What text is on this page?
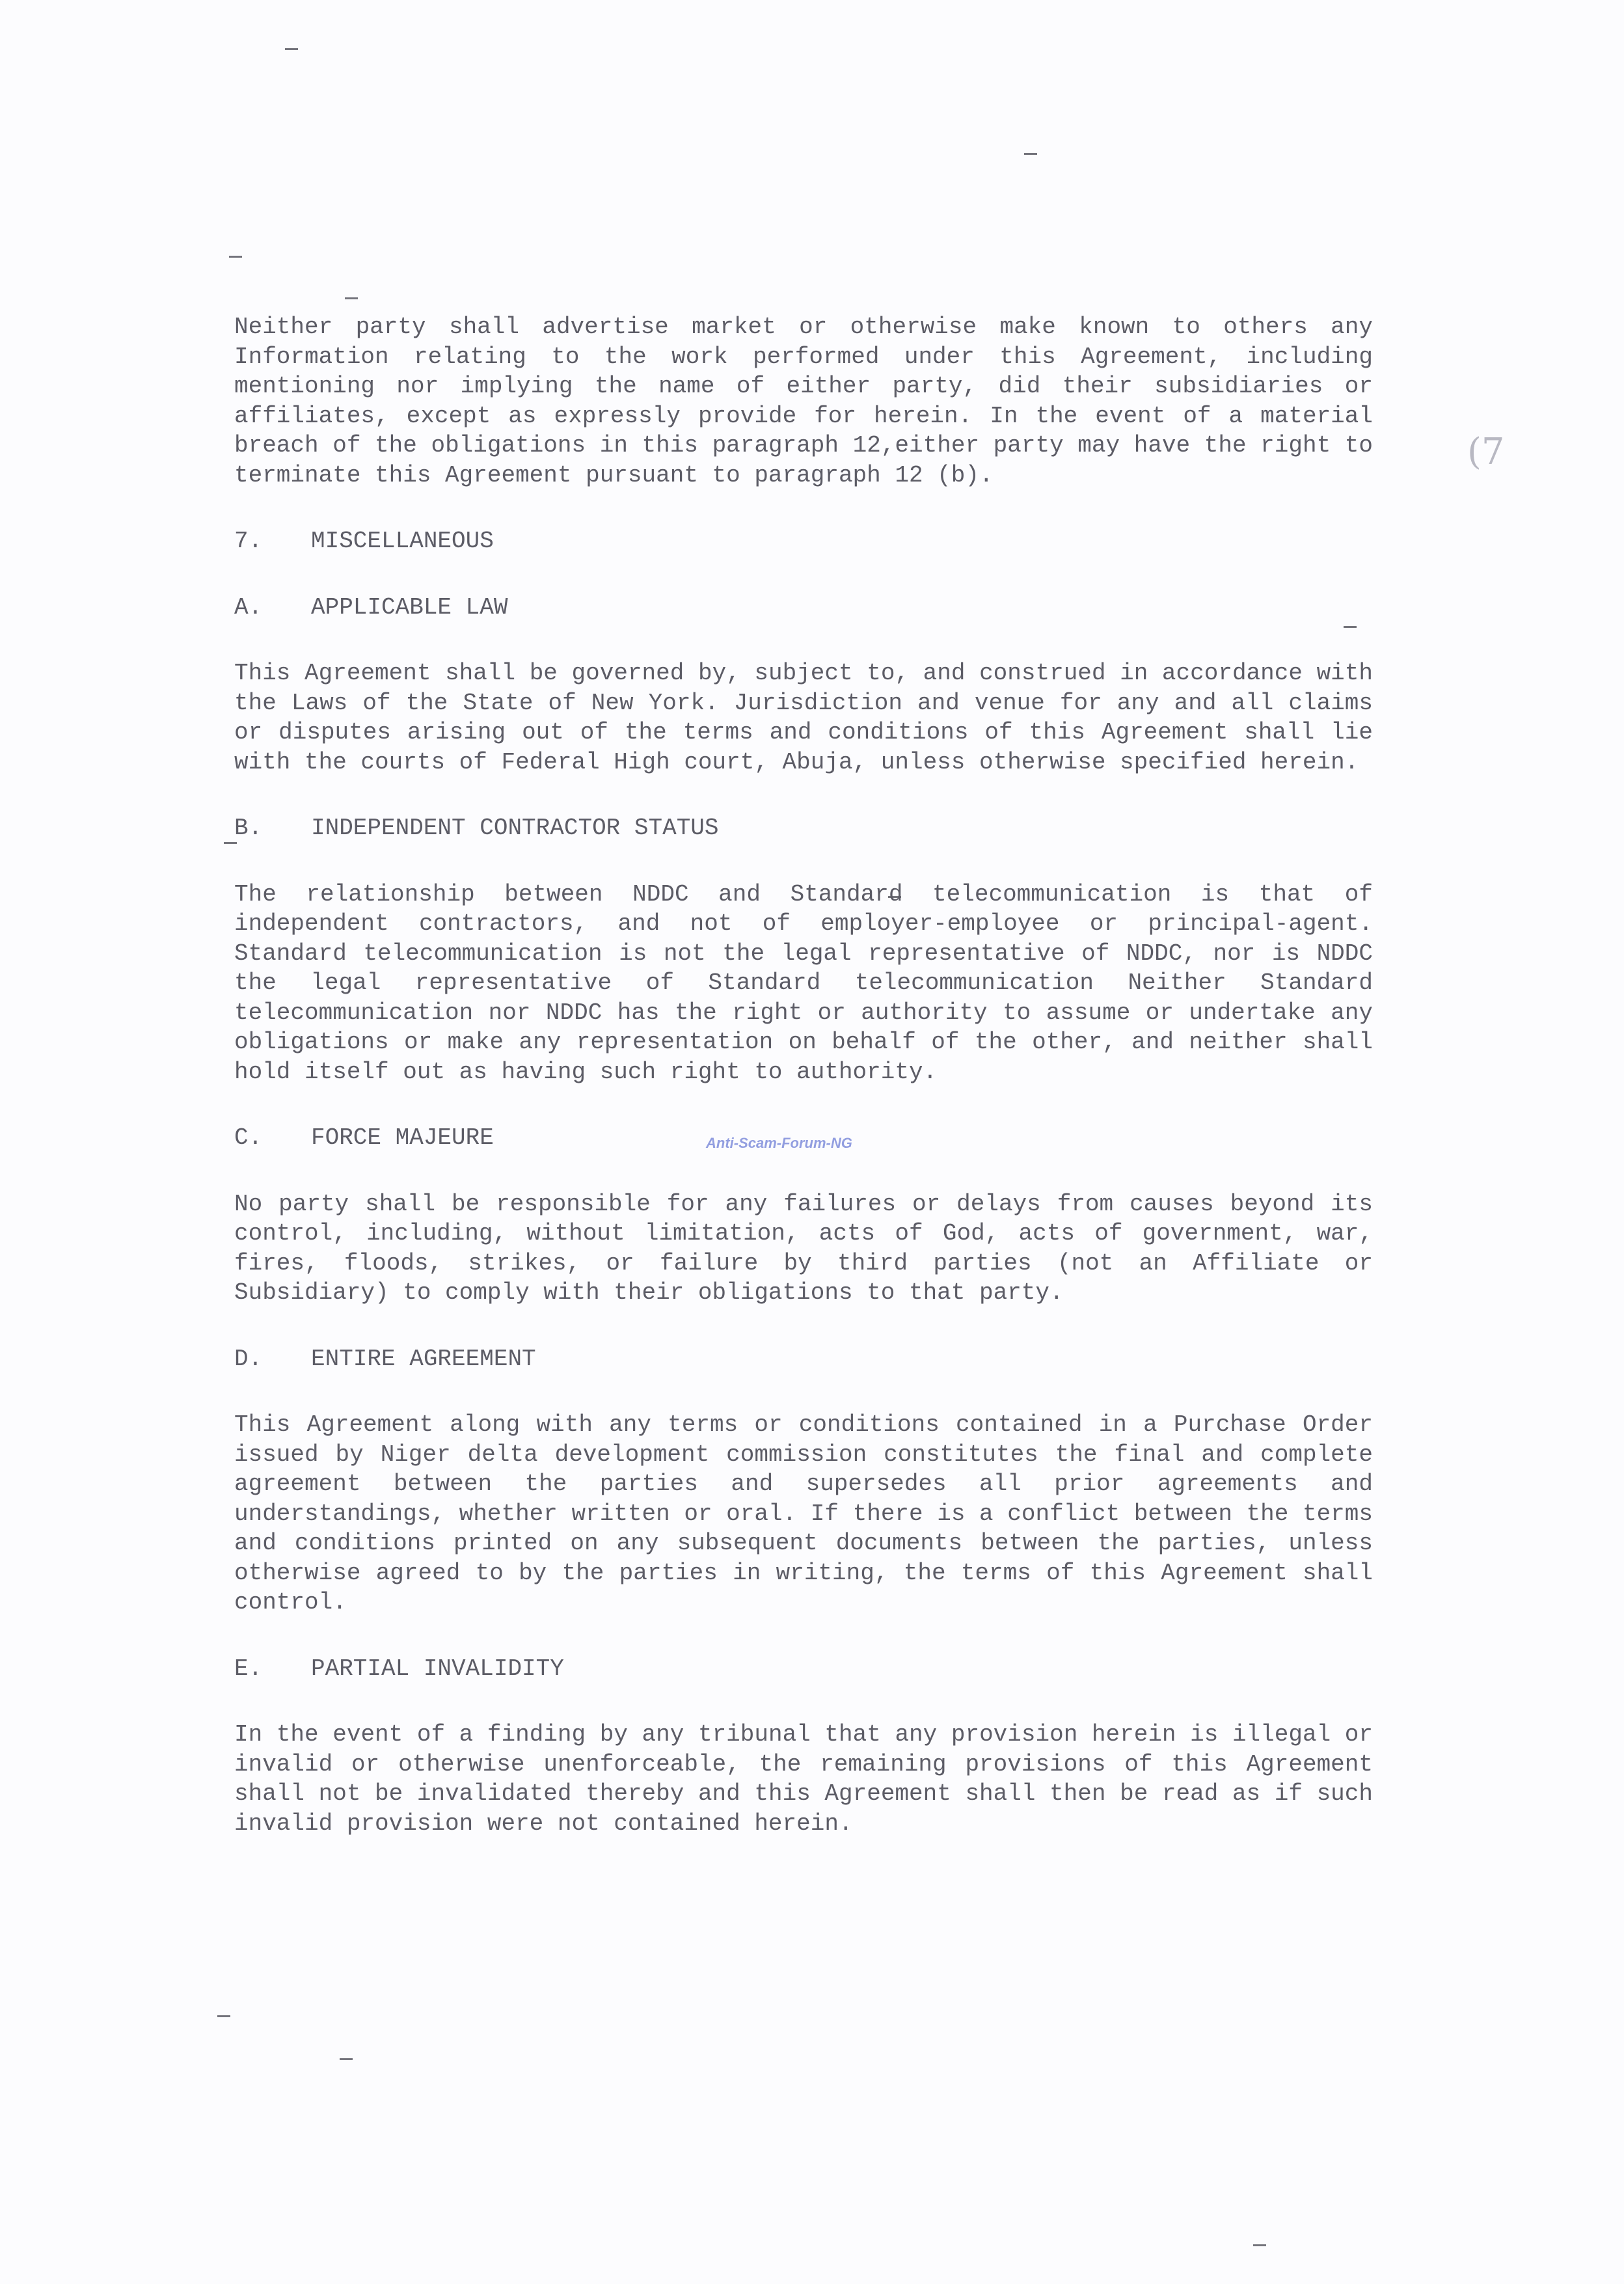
(7

Neither party shall advertise market or otherwise make known to others any Information relating to the work performed under this Agreement, including mentioning nor implying the name of either party, did their subsidiaries or affiliates, except as expressly provide for herein. In the event of a material breach of the obligations in this paragraph 12,either party may have the right to terminate this Agreement pursuant to paragraph 12 (b).

7. MISCELLANEOUS
A. APPLICABLE LAW

This Agreement shall be governed by, subject to, and construed in accordance with the Laws of the State of New York. Jurisdiction and venue for any and all claims or disputes arising out of the terms and conditions of this Agreement shall lie with the courts of Federal High court, Abuja, unless otherwise specified herein.

B. INDEPENDENT CONTRACTOR STATUS

The relationship between NDDC and Standard telecommunication is that of independent contractors, and not of employer-employee or principal-agent. Standard telecommunication is not the legal representative of NDDC, nor is NDDC the legal representative of Standard telecommunication Neither Standard telecommunication nor NDDC has the right or authority to assume or undertake any obligations or make any representation on behalf of the other, and neither shall hold itself out as having such right to authority.

C. FORCE MAJEURE

No party shall be responsible for any failures or delays from causes beyond its control, including, without limitation, acts of God, acts of government, war, fires, floods, strikes, or failure by third parties (not an Affiliate or Subsidiary) to comply with their obligations to that party.

D. ENTIRE AGREEMENT

This Agreement along with any terms or conditions contained in a Purchase Order issued by Niger delta development commission constitutes the final and complete agreement between the parties and supersedes all prior agreements and understandings, whether written or oral. If there is a conflict between the terms and conditions printed on any subsequent documents between the parties, unless otherwise agreed to by the parties in writing, the terms of this Agreement shall control.

E. PARTIAL INVALIDITY

In the event of a finding by any tribunal that any provision herein is illegal or invalid or otherwise unenforceable, the remaining provisions of this Agreement shall not be invalidated thereby and this Agreement shall then be read as if such invalid provision were not contained herein.

Anti-Scam-Forum-NG
